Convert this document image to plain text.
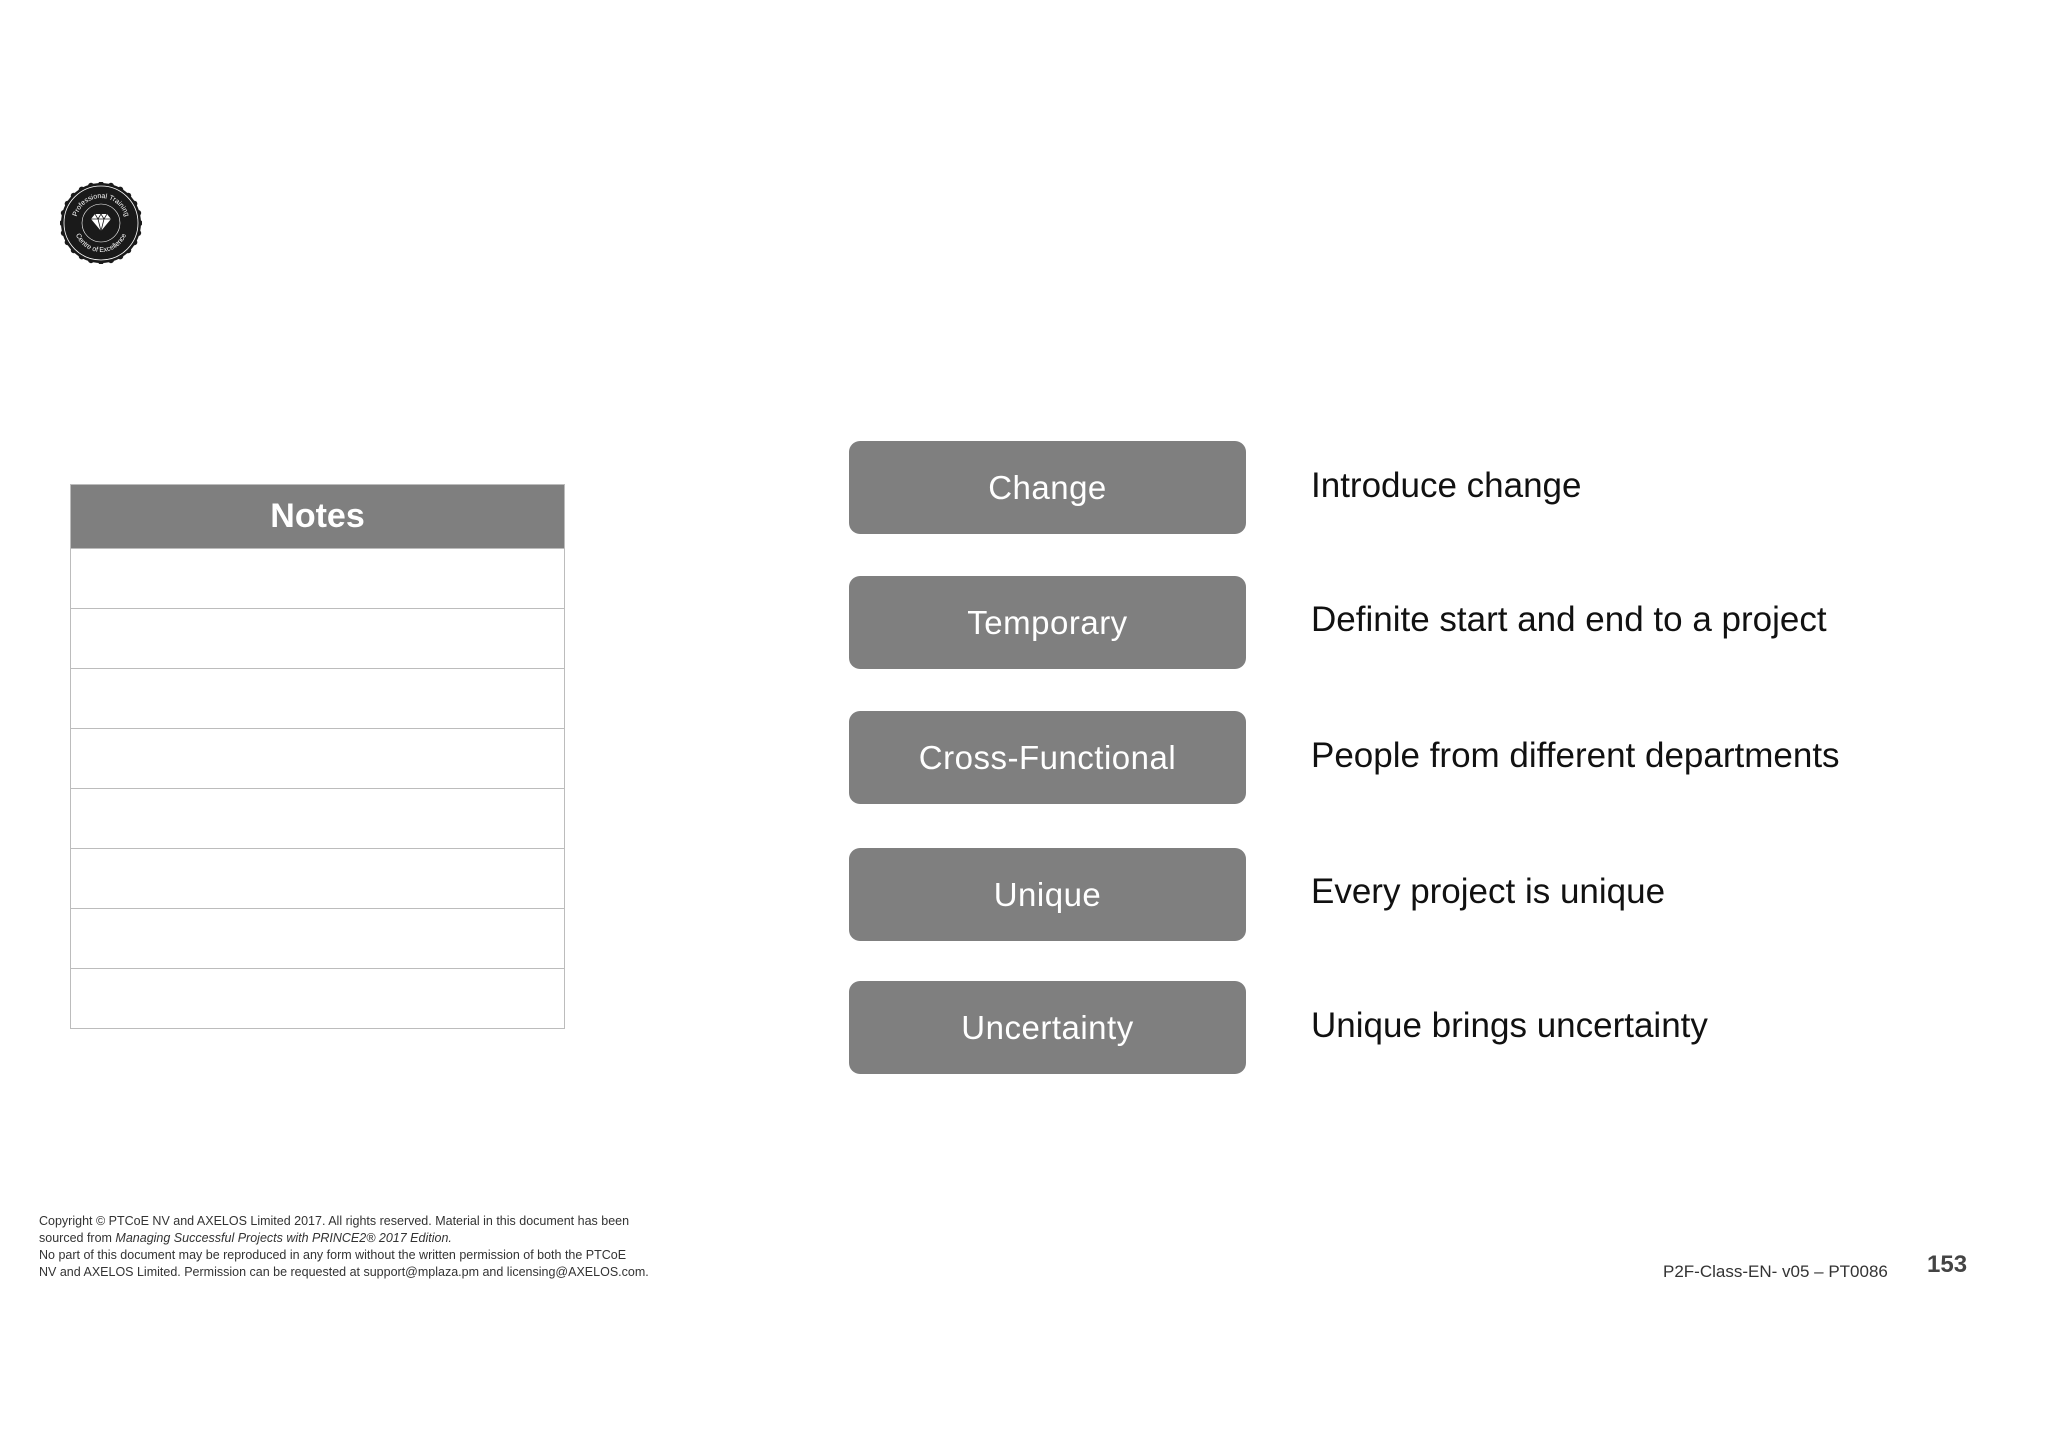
Professional Training
Centre of Excellence
Notes
Change	Introduce change
Temporary	Definite start and end to a project
Cross-Functional	People from different departments
Unique	Every project is unique
Uncertainty	Unique brings uncertainty
Copyright © PTCoE NV and AXELOS Limited 2017. All rights reserved. Material in this document has been
sourced from Managing Successful Projects with PRINCE2® 2017 Edition.
No part of this document may be reproduced in any form without the written permission of both the PTCoE
NV and AXELOS Limited. Permission can be requested at support@mplaza.pm and licensing@AXELOS.com.	P2F-Class-EN- v05 – PT0086 153
